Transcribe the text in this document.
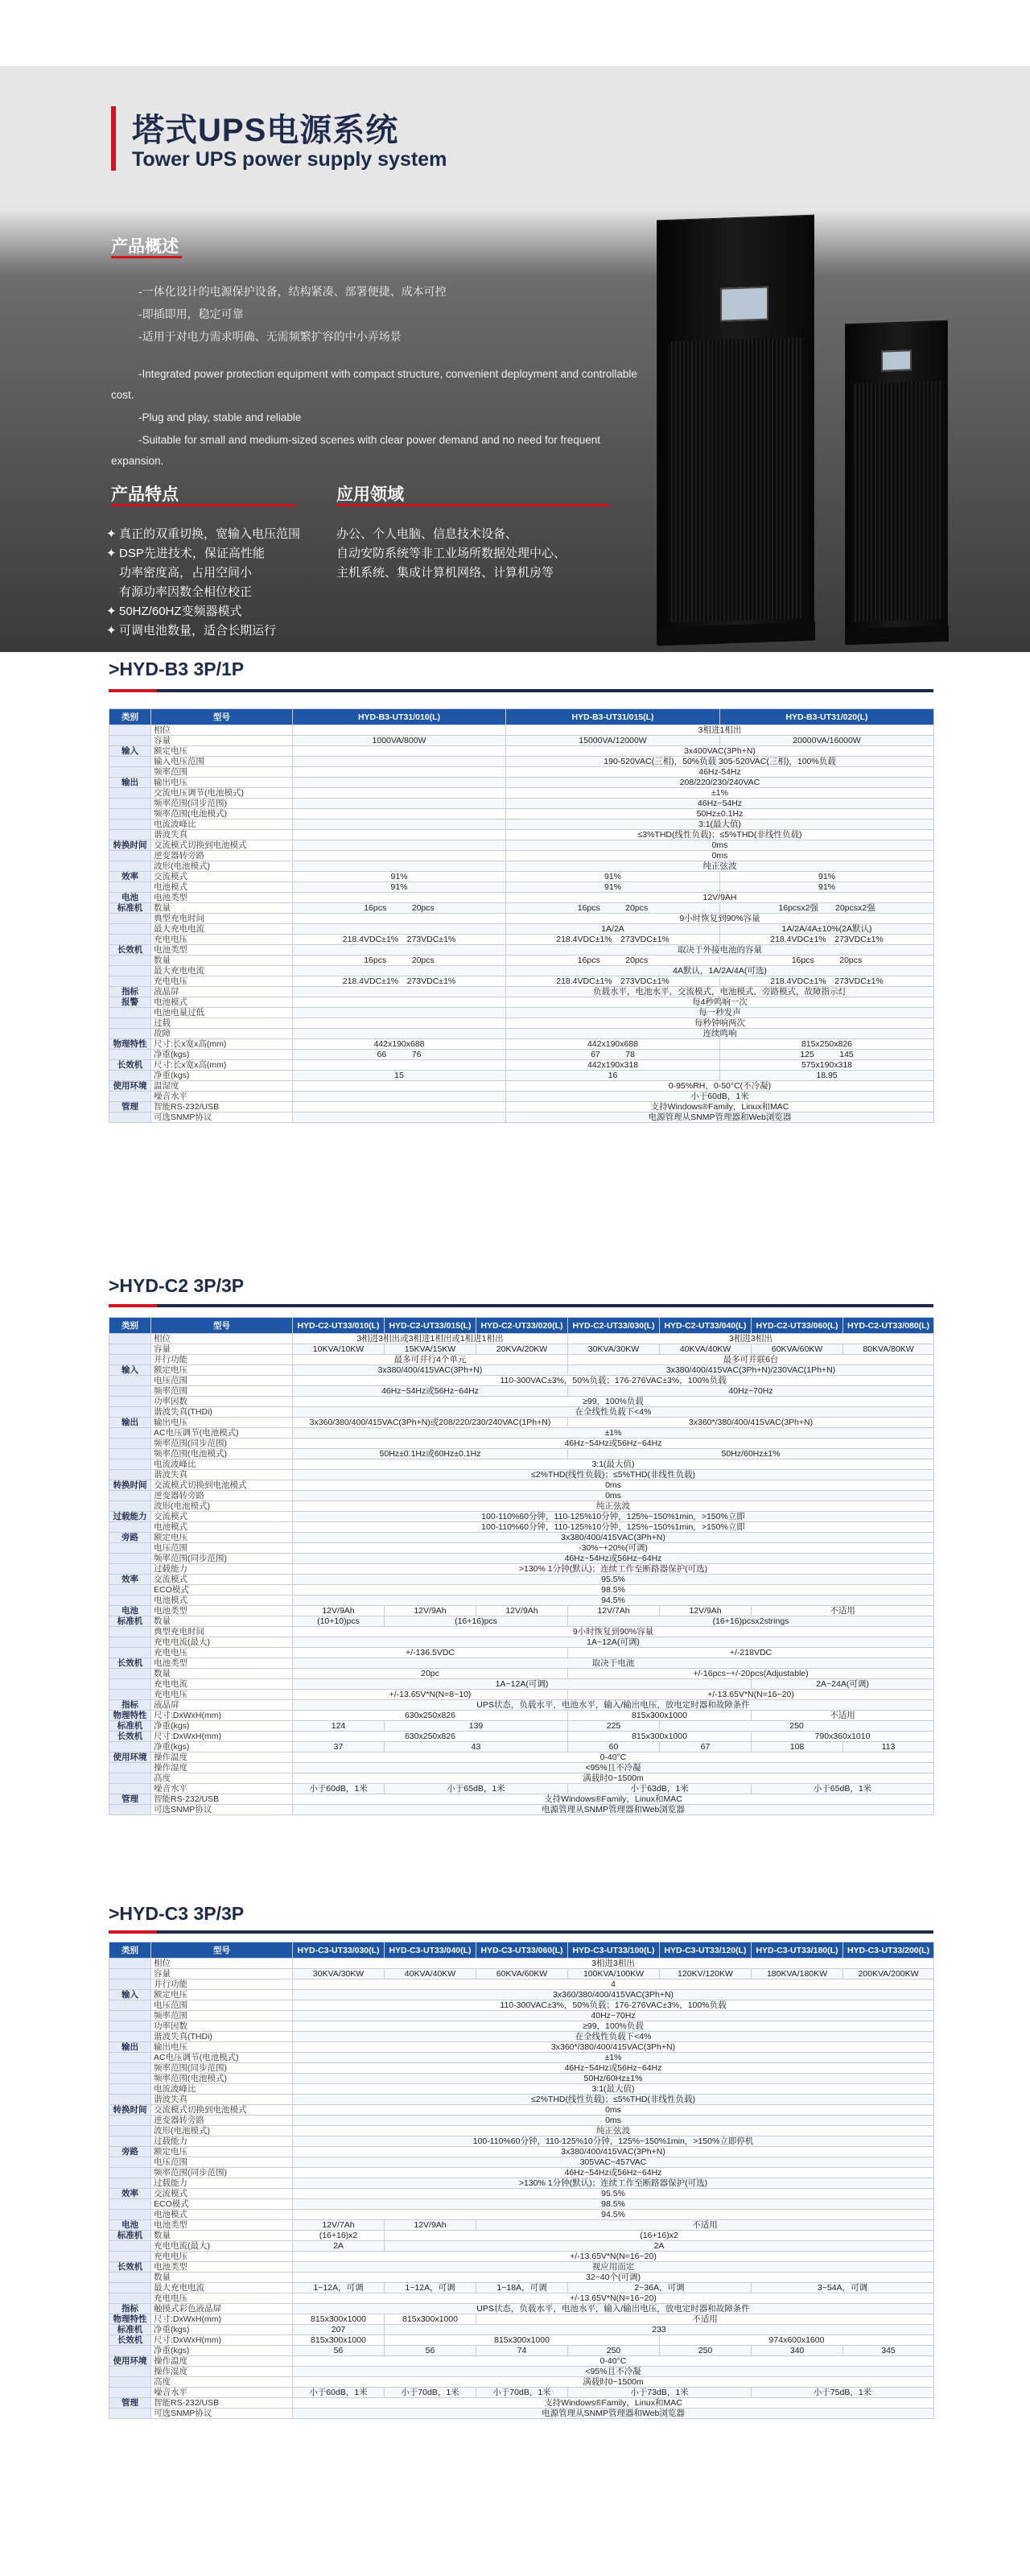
塔式UPS电源系统
Tower UPS power supply system
产品概述

-一体化设计的电源保护设备，结构紧凑、部署便捷、成本可控

-即插即用，稳定可靠

-适用于对电力需求明确、无需频繁扩容的中小弄场景

-Integrated power protection equipment with compact structure, convenient deployment and controllable cost.
-Plug and play, stable and reliable
-Suitable for small and medium-sized scenes with clear power demand and no need for frequent expansion.
产品特点
✦ 真正的双重切换，宽输入电压范围
✦ DSP先进技术，保证高性能
功率密度高，占用空间小
有源功率因数全相位校正
✦ 50HZ/60HZ变频器模式
✦ 可调电池数量，适合长期运行
应用领域

办公、个人电脑、信息技术设备、

自动安防系统等非工业场所数据处理中心、

主机系统、集成计算机网络、计算机房等

>HYD-B3 3P/1P
类别	型号	HYD-B3-UT31/010(L)	HYD-B3-UT31/015(L)	HYD-B3-UT31/020(L)
	相位		3相进1相出	
	容量	1000VA/800W	15000VA/12000W	20000VA/16000W
输入	额定电压		3x400VAC(3Ph+N)	
	输入电压范围		190-520VAC(三相)，50%负载 305-520VAC(三相)，100%负载	
	频率范围		46Hz-54Hz	
输出	输出电压		208/220/230/240VAC	
	交流电压调节(电池模式)		±1%	
	频率范围(同步范围)		46Hz~54Hz	
	频率范围(电池模式)		50Hz±0.1Hz	
	电流波峰比		3:1(最大值)	
	谐波失真		≤3%THD(线性负载)；≤5%THD(非线性负载)	
转换时间	交流模式切换到电池模式		0ms	
	逆变器转旁路		0ms	
	波形(电池模式)		纯正弦波	
效率	交流模式	91%	91%	91%
	电池模式	91%	91%	91%
电池	电池类型		12V/9AH	
标准机	数量	16pcs　　　20pcs	16pcs　　　20pcs	16pcsx2强　　20pcsx2强
	典型充电时间		9小时恢复到90%容量	
	最大充电电流		1A/2A	1A/2A/4A±10%(2A默认)
	充电电压	218.4VDC±1%　273VDC±1%	218.4VDC±1%　273VDC±1%	218.4VDC±1%　273VDC±1%
长效机	电池类型		取决于外接电池的容量	
	数量	16pcs　　　20pcs	16pcs　　　20pcs	16pcs　　　20pcs
	最大充电电流		4A默认，1A/2A/4A(可选)	
	充电电压	218.4VDC±1%　273VDC±1%	218.4VDC±1%　273VDC±1%	218.4VDC±1%　273VDC±1%
指标	液晶屏		负载水平，电池水平，交流模式，电池模式，旁路模式，故障指示灯	
报警	电池模式		每4秒鸣响一次	
	电池电量过低		每一秒发声	
	过载		每秒钟响两次	
	故障		连续鸣响	
物理特性	尺寸:长x宽x高(mm)	442x190x688	442x190x688	815x250x826
	净重(kgs)	66　　　76	67　　　78	125　　　145
长效机	尺寸:长x宽x高(mm)		442x190x318	575x190x318
	净重(kgs)	15	16	18.95
使用环境	温湿度		0-95%RH，0-50°C(不冷凝)	
	噪音水平		小于60dB，1米	
管理	智能RS-232/USB		支持Windows®Family，Linux和MAC	
	可选SNMP协议		电源管理从SNMP管理器和Web浏览器	
>HYD-C2 3P/3P
类别	型号	HYD-C2-UT33/010(L)	HYD-C2-UT33/015(L)	HYD-C2-UT33/020(L)	HYD-C2-UT33/030(L)	HYD-C2-UT33/040(L)	HYD-C2-UT33/060(L)	HYD-C2-UT33/080(L)
	相位	3相进3相出或3相进1相出或1相进1相出			3相进3相出			
	容量	10KVA/10KW	15KVA/15KW	20KVA/20KW	30KVA/30KW	40KVA/40KW	60KVA/60KW	80KVA/80KW
	并行功能	最多可并行4个单元			最多可并联6台			
输入	额定电压	3x380/400/415VAC(3Ph+N)			3x380/400/415VAC(3Ph+N)/230VAC(1Ph+N)			
	电压范围	110-300VAC±3%，50%负载；176-276VAC±3%，100%负载						
	频率范围	46Hz~54Hz或56Hz~64Hz			40Hz~70Hz			
	功率因数	≥99，100%负载						
	谐波失真(THDi)	在全线性负载下<4%						
输出	输出电压	3x360/380/400/415VAC(3Ph+N)或208/220/230/240VAC(1Ph+N)			3x360*/380/400/415VAC(3Ph+N)			
	AC电压调节(电池模式)	±1%						
	频率范围(同步范围)	46Hz~54Hz或56Hz~64Hz						
	频率范围(电池模式)	50Hz±0.1Hz或60Hz±0.1Hz			50Hz/60Hz±1%			
	电流波峰比	3:1(最大值)						
	谐波失真	≤2%THD(线性负载)；≤5%THD(非线性负载)						
转换时间	交流模式切换到电池模式	0ms						
	逆变器转旁路	0ms						
	波形(电池模式)	纯正弦波						
过载能力	交流模式	100-110%60分钟，110-125%10分钟，125%~150%1min，>150%立即						
	电池模式	100-110%60分钟，110-125%10分钟，125%~150%1min，>150%立即						
旁路	额定电压	3x380/400/415VAC(3Ph+N)						
	电压范围	-30%~+20%(可调)						
	频率范围(同步范围)	46Hz~54Hz或56Hz~64Hz						
	过载能力	>130% 1分钟(默认)；连续工作至断路器保护(可选)						
效率	交流模式	95.5%						
	ECO模式	98.5%						
	电池模式	94.5%						
电池	电池类型	12V/9Ah	12V/9Ah	12V/9Ah	12V/7Ah	12V/9Ah	不适用	
标准机	数量	(10+10)pcs	(16+16)pcs		(16+16)pcsx2strings			
	典型充电时间	9小时恢复到90%容量						
	充电电流(最大)	1A~12A(可调)						
	充电电压	+/-136.5VDC			+/-218VDC			
长效机	电池类型	取决于电池						
	数量	20pc			+/-16pcs~+/-20pcs(Adjustable)			
	充电电流	1A~12A(可调)					2A~24A(可调)	
	充电电压	+/-13.65V*N(N=8~10)			+/-13.65V*N(N=16~20)			
指标	液晶屏	UPS状态，负载水平，电池水平，输入/输出电压，放电定时器和故障条件						
物理特性	尺寸:DxWxH(mm)	630x250x826			815x300x1000		不适用	
标准机	净重(kgs)	124	139		225	250		
长效机	尺寸:DxWxH(mm)	630x250x826			815x300x1000		790x360x1010	
	净重(kgs)	37	43		60	67	108	113
使用环境	操作温度	0-40°C						
	操作湿度	<95%且不冷凝						
	高度	满载时0~1500m						
	噪音水平	小于60dB，1米	小于65dB，1米		小于63dB，1米		小于65dB，1米	
管理	智能RS-232/USB	支持Windows®Family，Linux和MAC						
	可选SNMP协议	电源管理从SNMP管理器和Web浏览器						
>HYD-C3 3P/3P
类别	型号	HYD-C3-UT33/030(L)	HYD-C3-UT33/040(L)	HYD-C3-UT33/060(L)	HYD-C3-UT33/100(L)	HYD-C3-UT33/120(L)	HYD-C3-UT33/180(L)	HYD-C3-UT33/200(L)
	相位	3相进3相出						
	容量	30KVA/30KW	40KVA/40KW	60KVA/60KW	100KVA/100KW	120KV/120KW	180KVA/180KW	200KVA/200KW
	并行功能	4						
输入	额定电压	3x360/380/400/415VAC(3Ph+N)						
	电压范围	110-300VAC±3%，50%负载；176-276VAC±3%，100%负载						
	频率范围	40Hz~70Hz						
	功率因数	≥99，100%负载						
	谐波失真(THDi)	在全线性负载下<4%						
输出	输出电压	3x360*/380/400/415VAC(3Ph+N)						
	AC电压调节(电池模式)	±1%						
	频率范围(同步范围)	46Hz~54Hz或56Hz~64Hz						
	频率范围(电池模式)	50Hz/60Hz±1%						
	电流波峰比	3:1(最大值)						
	谐波失真	≤2%THD(线性负载)；≤5%THD(非线性负载)						
转换时间	交流模式切换到电池模式	0ms						
	逆变器转旁路	0ms						
	波形(电池模式)	纯正弦波						
	过载能力	100-110%60分钟，110-125%10分钟，125%~150%1min，>150%立即停机						
旁路	额定电压	3x380/400/415VAC(3Ph+N)						
	电压范围	305VAC~457VAC						
	频率范围(同步范围)	46Hz~54Hz或56Hz~64Hz						
	过载能力	>130% 1分钟(默认)；连续工作至断路器保护(可选)						
效率	交流模式	95.5%						
	ECO模式	98.5%						
	电池模式	94.5%						
电池	电池类型	12V/7Ah	12V/9Ah	不适用				
标准机	数量	(16+16)x2	(16+16)x2					
	充电电流(最大)	2A	2A					
	充电电压	+/-13.65V*N(N=16~20)						
长效机	电池类型	视应用而定						
	数量	32~40个(可调)						
	最大充电电流	1~12A，可调	1~12A，可调	1~18A，可调	2~36A，可调		3~54A，可调	
	充电电压	+/-13.65V*N(N=16~20)						
指标	触摸式彩色液晶屏	UPS状态，负载水平，电池水平，输入/输出电压，放电定时器和故障条件						
物理特性	尺寸:DxWxH(mm)	815x300x1000	815x300x1000	不适用				
标准机	净重(kgs)	207	233					
长效机	尺寸:DxWxH(mm)	815x300x1000	815x300x1000			974x600x1600		
	净重(kgs)	56	56	74	250	250	340	345
使用环境	操作温度	0-40°C						
	操作湿度	<95%且不冷凝						
	高度	满载时0~1500m						
	噪音水平	小于60dB，1米	小于70dB，1米	小于70dB，1米	小于73dB，1米		小于75dB，1米	
管理	智能RS-232/USB	支持Windows®Family，Linux和MAC						
	可选SNMP协议	电源管理从SNMP管理器和Web浏览器						
